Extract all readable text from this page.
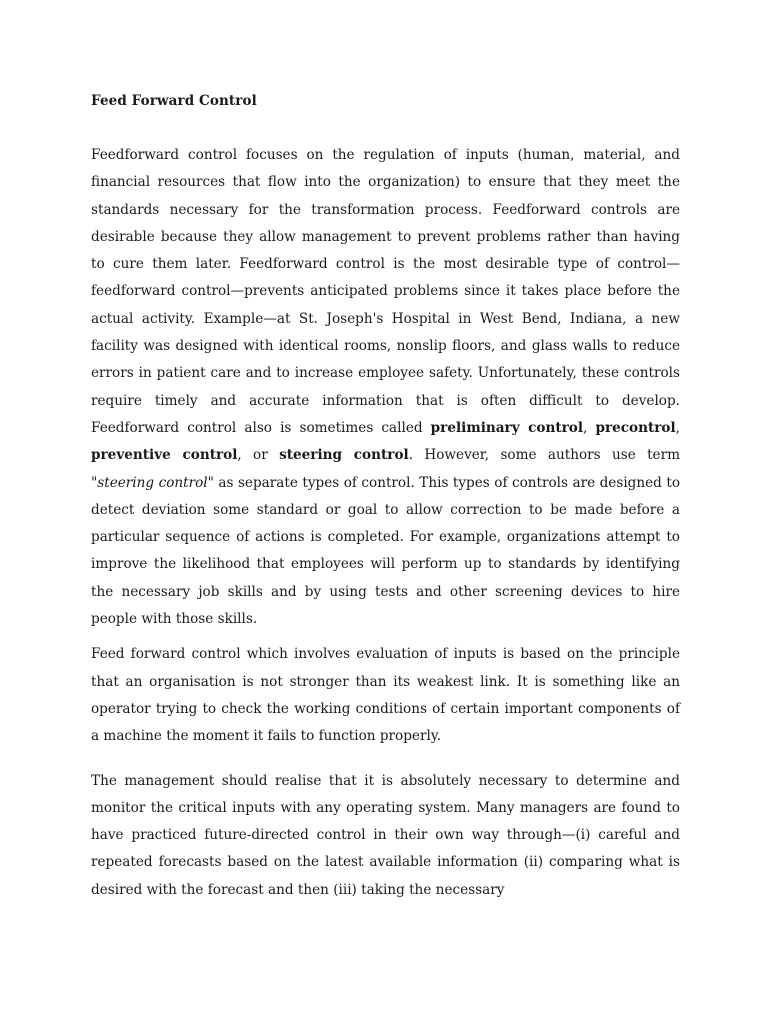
Feed Forward Control

Feedforward control focuses on the regulation of inputs (human, material, and financial resources that flow into the organization) to ensure that they meet the standards necessary for the transformation process. Feedforward controls are desirable because they allow management to prevent problems rather than having to cure them later. Feedforward control is the most desirable type of control—feedforward control—prevents anticipated problems since it takes place before the actual activity. Example—at St. Joseph's Hospital in West Bend, Indiana, a new facility was designed with identical rooms, nonslip floors, and glass walls to reduce errors in patient care and to increase employee safety. Unfortunately, these controls require timely and accurate information that is often difficult to develop. Feedforward control also is sometimes called preliminary control, precontrol, preventive control, or steering control. However, some authors use term "steering control" as separate types of control. This types of controls are designed to detect deviation some standard or goal to allow correction to be made before a particular sequence of actions is completed. For example, organizations attempt to improve the likelihood that employees will perform up to standards by identifying the necessary job skills and by using tests and other screening devices to hire people with those skills.

Feed forward control which involves evaluation of inputs is based on the principle that an organisation is not stronger than its weakest link. It is something like an operator trying to check the working conditions of certain important components of a machine the moment it fails to function properly.

The management should realise that it is absolutely necessary to determine and monitor the critical inputs with any operating system. Many managers are found to have practiced future-directed control in their own way through—(i) careful and repeated forecasts based on the latest available information (ii) comparing what is desired with the forecast and then (iii) taking the necessary
